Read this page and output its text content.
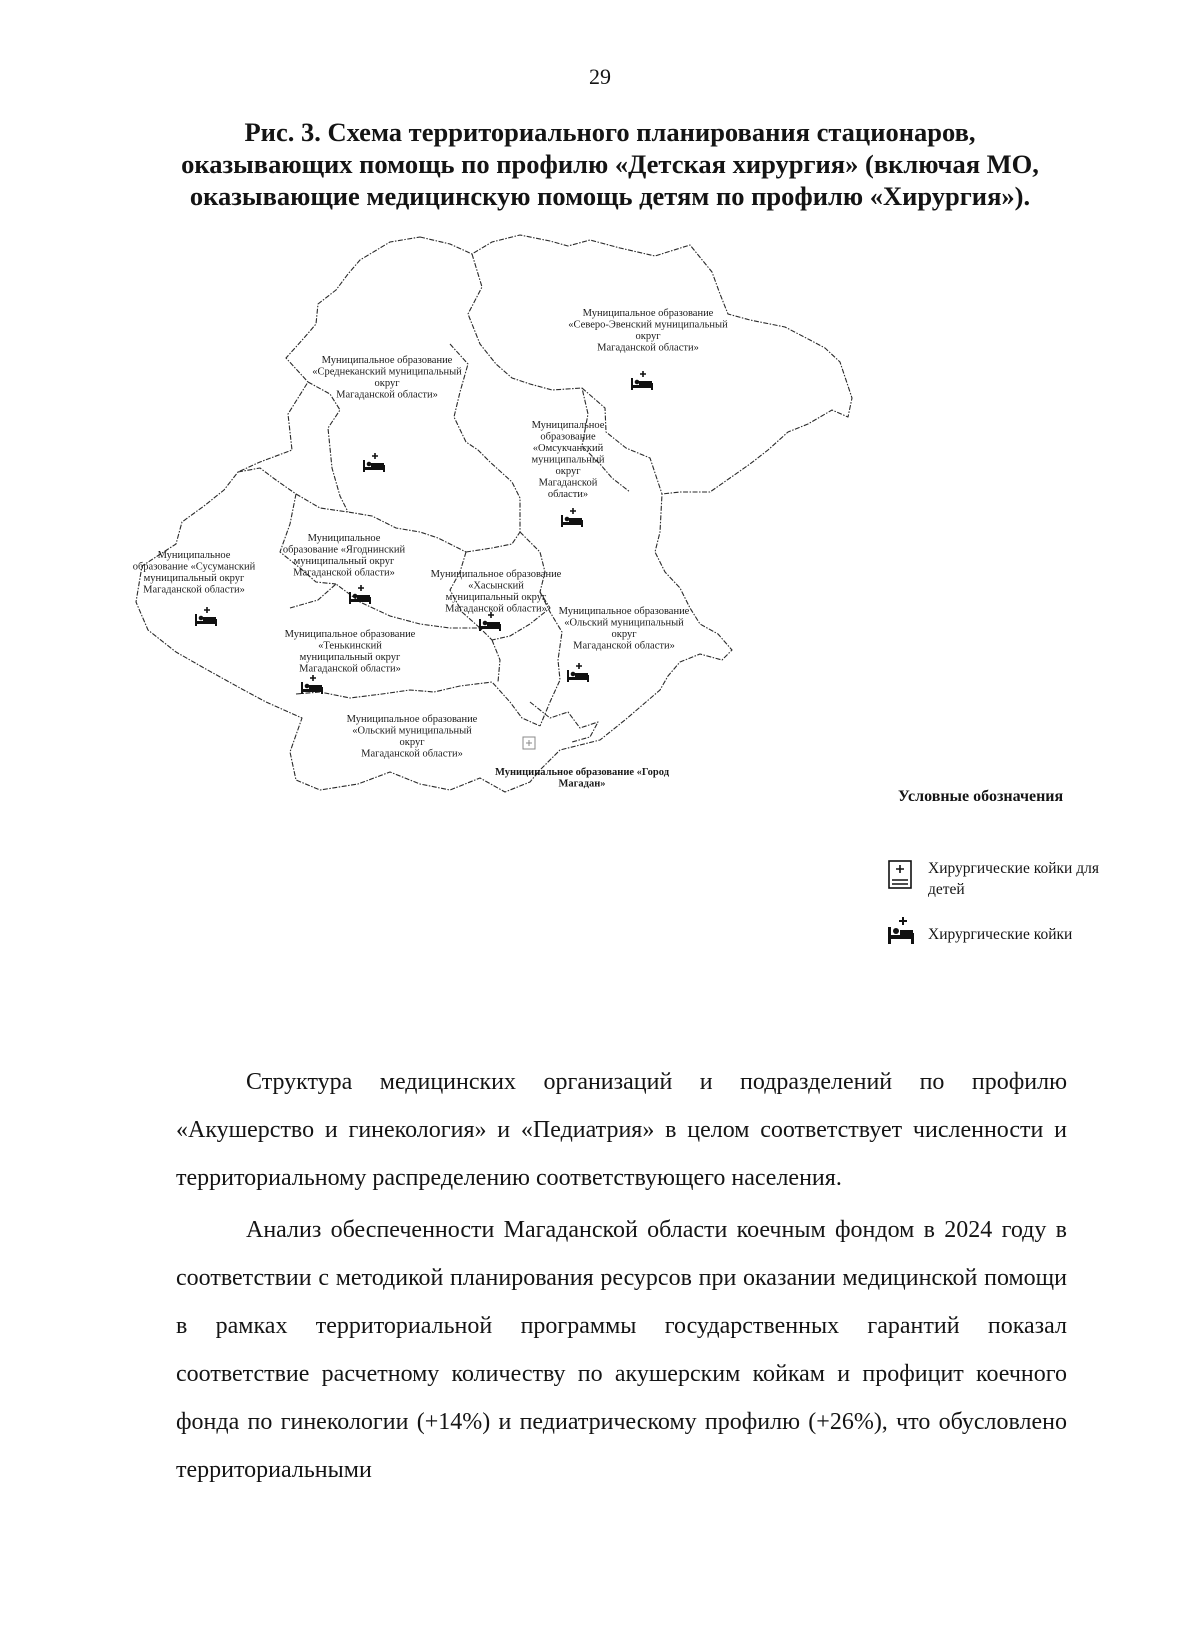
29
Рис. 3. Схема территориального планирования стационаров, оказывающих помощь по профилю «Детская хирургия» (включая МО, оказывающие медицинскую помощь детям по профилю «Хирургия»).
Муниципальное образование «Северо-Эвенский муниципальный округ Магаданской области»
Муниципальное образование «Среднеканский муниципальный округ Магаданской области»
Муниципальное образование «Омсукчанский муниципальный округ Магаданской области»
Муниципальное образование «Сусуманский муниципальный округ Магаданской области»
Муниципальное образование «Ягоднинский муниципальный округ Магаданской области»	Муниципальное образование «Хасынский муниципальный округ Магаданской области»	Муниципальное образование «Ольский муниципальный округ Магаданской области»
Муниципальное образование «Тенькинский муниципальный округ Магаданской области»
Муниципальное образование «Ольский муниципальный округ Магаданской области»
Муниципальное образование «Город Магадан»
Условные обозначения
Хирургические койки для детей
Хирургические койки

Структура медицинских организаций и подразделений по профилю «Акушерство и гинекология» и «Педиатрия» в целом соответствует численности и территориальному распределению соответствующего населения.

Анализ обеспеченности Магаданской области коечным фондом в 2024 году в соответствии с методикой планирования ресурсов при оказании медицинской помощи в рамках территориальной программы государственных гарантий показал соответствие расчетному количеству по акушерским койкам и профицит коечного фонда по гинекологии (+14%) и педиатрическому профилю (+26%), что обусловлено территориальными
